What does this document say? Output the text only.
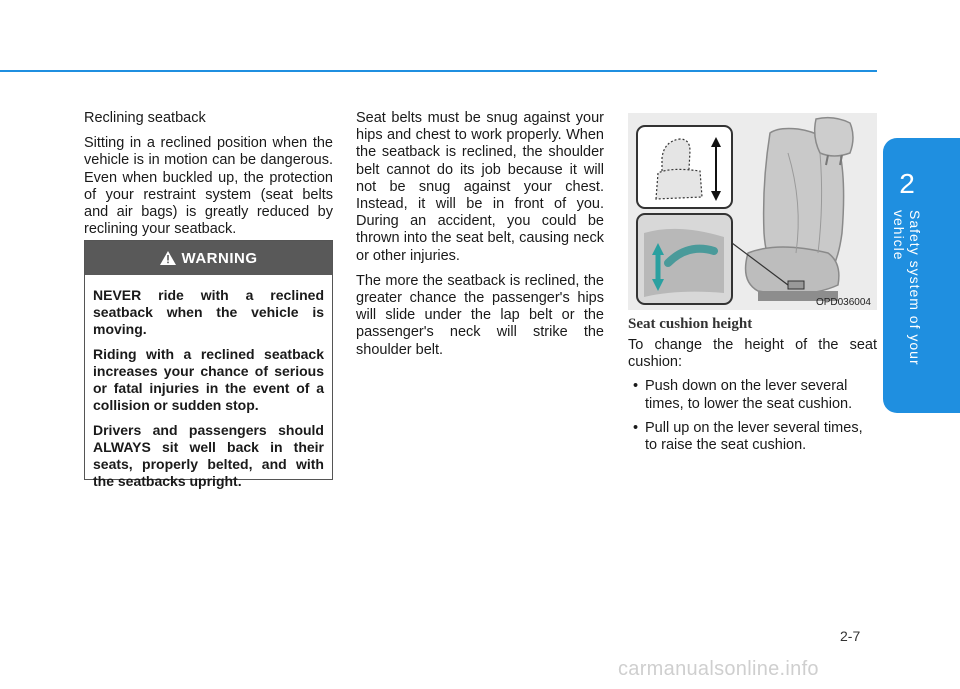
2
Safety system of your vehicle

Reclining seatback

Sitting in a reclined position when the vehicle is in motion can be dangerous. Even when buckled up, the protection of your restraint system (seat belts and air bags) is greatly reduced by reclining your seatback.

WARNING

NEVER ride with a reclined seatback when the vehicle is moving.

Riding with a reclined seatback increases your chance of serious or fatal injuries in the event of a collision or sudden stop.

Drivers and passengers should ALWAYS sit well back in their seats, properly belted, and with the seatbacks upright.

Seat belts must be snug against your hips and chest to work properly. When the seatback is reclined, the shoulder belt cannot do its job because it will not be snug against your chest. Instead, it will be in front of you. During an accident, you could be thrown into the seat belt, causing neck or other injuries.

The more the seatback is reclined, the greater chance the passenger's hips will slide under the lap belt or the passenger's neck will strike the shoulder belt.

OPD036004
Seat cushion height

To change the height of the seat cushion:

• Push down on the lever several times, to lower the seat cushion.
• Pull up on the lever several times, to raise the seat cushion.
2-7
carmanualsonline.info
